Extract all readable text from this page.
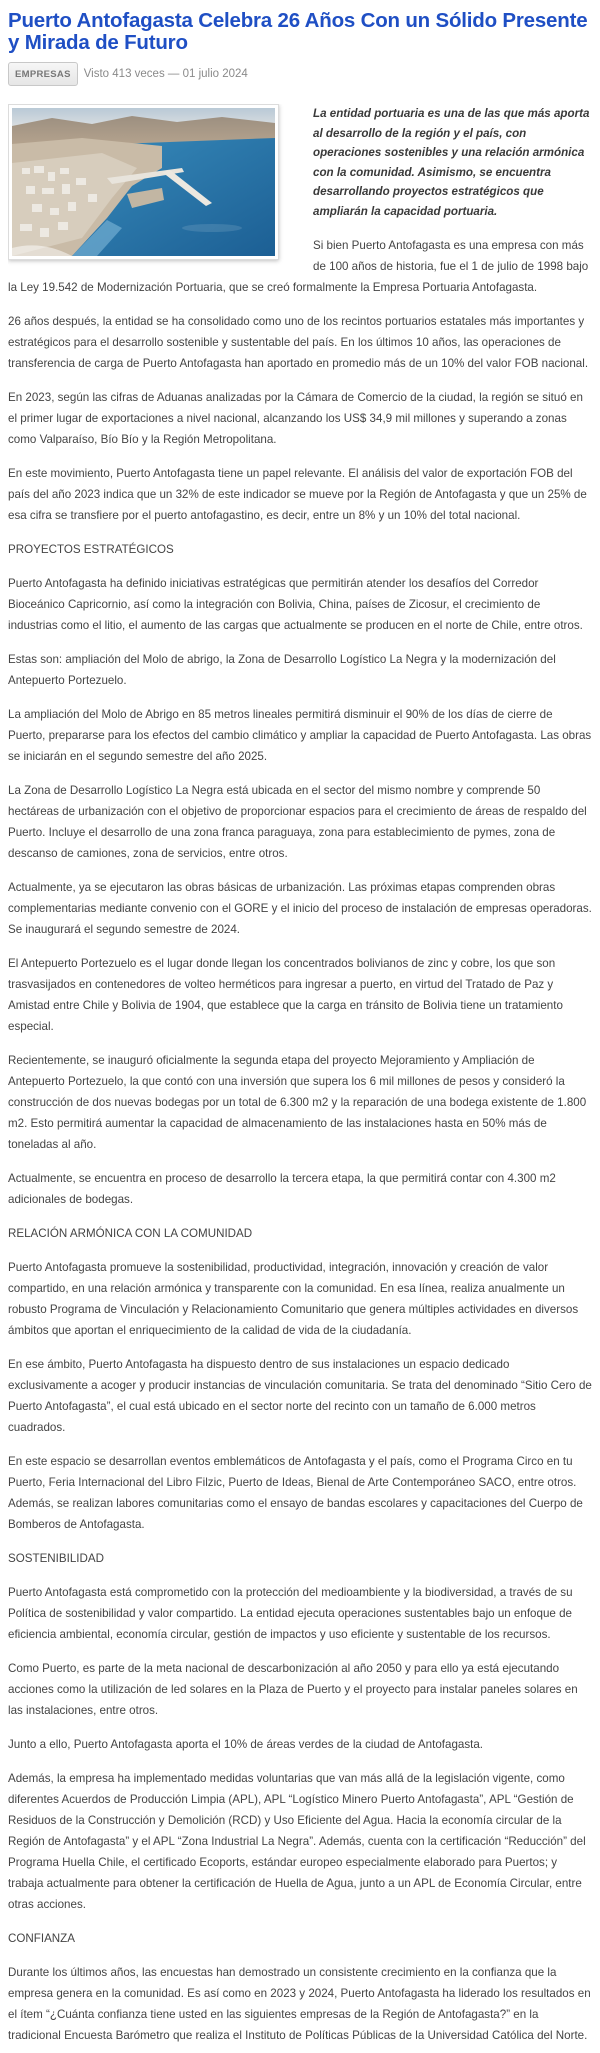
Puerto Antofagasta Celebra 26 Años Con un Sólido Presente y Mirada de Futuro
EMPRESAS	Visto 413 veces — 01 julio 2024

La entidad portuaria es una de las que más aporta al desarrollo de la región y el país, con operaciones sostenibles y una relación armónica con la comunidad. Asimismo, se encuentra desarrollando proyectos estratégicos que ampliarán la capacidad portuaria.

Si bien Puerto Antofagasta es una empresa con más de 100 años de historia, fue el 1 de julio de 1998 bajo la Ley 19.542 de Modernización Portuaria, que se creó formalmente la Empresa Portuaria Antofagasta.

26 años después, la entidad se ha consolidado como uno de los recintos portuarios estatales más importantes y estratégicos para el desarrollo sostenible y sustentable del país. En los últimos 10 años, las operaciones de transferencia de carga de Puerto Antofagasta han aportado en promedio más de un 10% del valor FOB nacional.

En 2023, según las cifras de Aduanas analizadas por la Cámara de Comercio de la ciudad, la región se situó en el primer lugar de exportaciones a nivel nacional, alcanzando los US$ 34,9 mil millones y superando a zonas como Valparaíso, Bío Bío y la Región Metropolitana.

En este movimiento, Puerto Antofagasta tiene un papel relevante. El análisis del valor de exportación FOB del país del año 2023 indica que un 32% de este indicador se mueve por la Región de Antofagasta y que un 25% de esa cifra se transfiere por el puerto antofagastino, es decir, entre un 8% y un 10% del total nacional.

PROYECTOS ESTRATÉGICOS

Puerto Antofagasta ha definido iniciativas estratégicas que permitirán atender los desafíos del Corredor Bioceánico Capricornio, así como la integración con Bolivia, China, países de Zicosur, el crecimiento de industrias como el litio, el aumento de las cargas que actualmente se producen en el norte de Chile, entre otros.

Estas son: ampliación del Molo de abrigo, la Zona de Desarrollo Logístico La Negra y la modernización del Antepuerto Portezuelo.

La ampliación del Molo de Abrigo en 85 metros lineales permitirá disminuir el 90% de los días de cierre de Puerto, prepararse para los efectos del cambio climático y ampliar la capacidad de Puerto Antofagasta. Las obras se iniciarán en el segundo semestre del año 2025.

La Zona de Desarrollo Logístico La Negra está ubicada en el sector del mismo nombre y comprende 50 hectáreas de urbanización con el objetivo de proporcionar espacios para el crecimiento de áreas de respaldo del Puerto. Incluye el desarrollo de una zona franca paraguaya, zona para establecimiento de pymes, zona de descanso de camiones, zona de servicios, entre otros.

Actualmente, ya se ejecutaron las obras básicas de urbanización. Las próximas etapas comprenden obras complementarias mediante convenio con el GORE y el inicio del proceso de instalación de empresas operadoras. Se inaugurará el segundo semestre de 2024.

El Antepuerto Portezuelo es el lugar donde llegan los concentrados bolivianos de zinc y cobre, los que son trasvasijados en contenedores de volteo herméticos para ingresar a puerto, en virtud del Tratado de Paz y Amistad entre Chile y Bolivia de 1904, que establece que la carga en tránsito de Bolivia tiene un tratamiento especial.

Recientemente, se inauguró oficialmente la segunda etapa del proyecto Mejoramiento y Ampliación de Antepuerto Portezuelo, la que contó con una inversión que supera los 6 mil millones de pesos y consideró la construcción de dos nuevas bodegas por un total de 6.300 m2 y la reparación de una bodega existente de 1.800 m2. Esto permitirá aumentar la capacidad de almacenamiento de las instalaciones hasta en 50% más de toneladas al año.

Actualmente, se encuentra en proceso de desarrollo la tercera etapa, la que permitirá contar con 4.300 m2 adicionales de bodegas.

RELACIÓN ARMÓNICA CON LA COMUNIDAD

Puerto Antofagasta promueve la sostenibilidad, productividad, integración, innovación y creación de valor compartido, en una relación armónica y transparente con la comunidad. En esa línea, realiza anualmente un robusto Programa de Vinculación y Relacionamiento Comunitario que genera múltiples actividades en diversos ámbitos que aportan el enriquecimiento de la calidad de vida de la ciudadanía.

En ese ámbito, Puerto Antofagasta ha dispuesto dentro de sus instalaciones un espacio dedicado exclusivamente a acoger y producir instancias de vinculación comunitaria. Se trata del denominado “Sitio Cero de Puerto Antofagasta”, el cual está ubicado en el sector norte del recinto con un tamaño de 6.000 metros cuadrados.

En este espacio se desarrollan eventos emblemáticos de Antofagasta y el país, como el Programa Circo en tu Puerto, Feria Internacional del Libro Filzic, Puerto de Ideas, Bienal de Arte Contemporáneo SACO, entre otros. Además, se realizan labores comunitarias como el ensayo de bandas escolares y capacitaciones del Cuerpo de Bomberos de Antofagasta.

SOSTENIBILIDAD

Puerto Antofagasta está comprometido con la protección del medioambiente y la biodiversidad, a través de su Política de sostenibilidad y valor compartido. La entidad ejecuta operaciones sustentables bajo un enfoque de eficiencia ambiental, economía circular, gestión de impactos y uso eficiente y sustentable de los recursos.

Como Puerto, es parte de la meta nacional de descarbonización al año 2050 y para ello ya está ejecutando acciones como la utilización de led solares en la Plaza de Puerto y el proyecto para instalar paneles solares en las instalaciones, entre otros.

Junto a ello, Puerto Antofagasta aporta el 10% de áreas verdes de la ciudad de Antofagasta.

Además, la empresa ha implementado medidas voluntarias que van más allá de la legislación vigente, como diferentes Acuerdos de Producción Limpia (APL), APL “Logístico Minero Puerto Antofagasta”, APL “Gestión de Residuos de la Construcción y Demolición (RCD) y Uso Eficiente del Agua. Hacia la economía circular de la Región de Antofagasta” y el APL “Zona Industrial La Negra”. Además, cuenta con la certificación “Reducción” del Programa Huella Chile, el certificado Ecoports, estándar europeo especialmente elaborado para Puertos; y trabaja actualmente para obtener la certificación de Huella de Agua, junto a un APL de Economía Circular, entre otras acciones.

CONFIANZA

Durante los últimos años, las encuestas han demostrado un consistente crecimiento en la confianza que la empresa genera en la comunidad. Es así como en 2023 y 2024, Puerto Antofagasta ha liderado los resultados en el ítem “¿Cuánta confianza tiene usted en las siguientes empresas de la Región de Antofagasta?” en la tradicional Encuesta Barómetro que realiza el Instituto de Políticas Públicas de la Universidad Católica del Norte.
